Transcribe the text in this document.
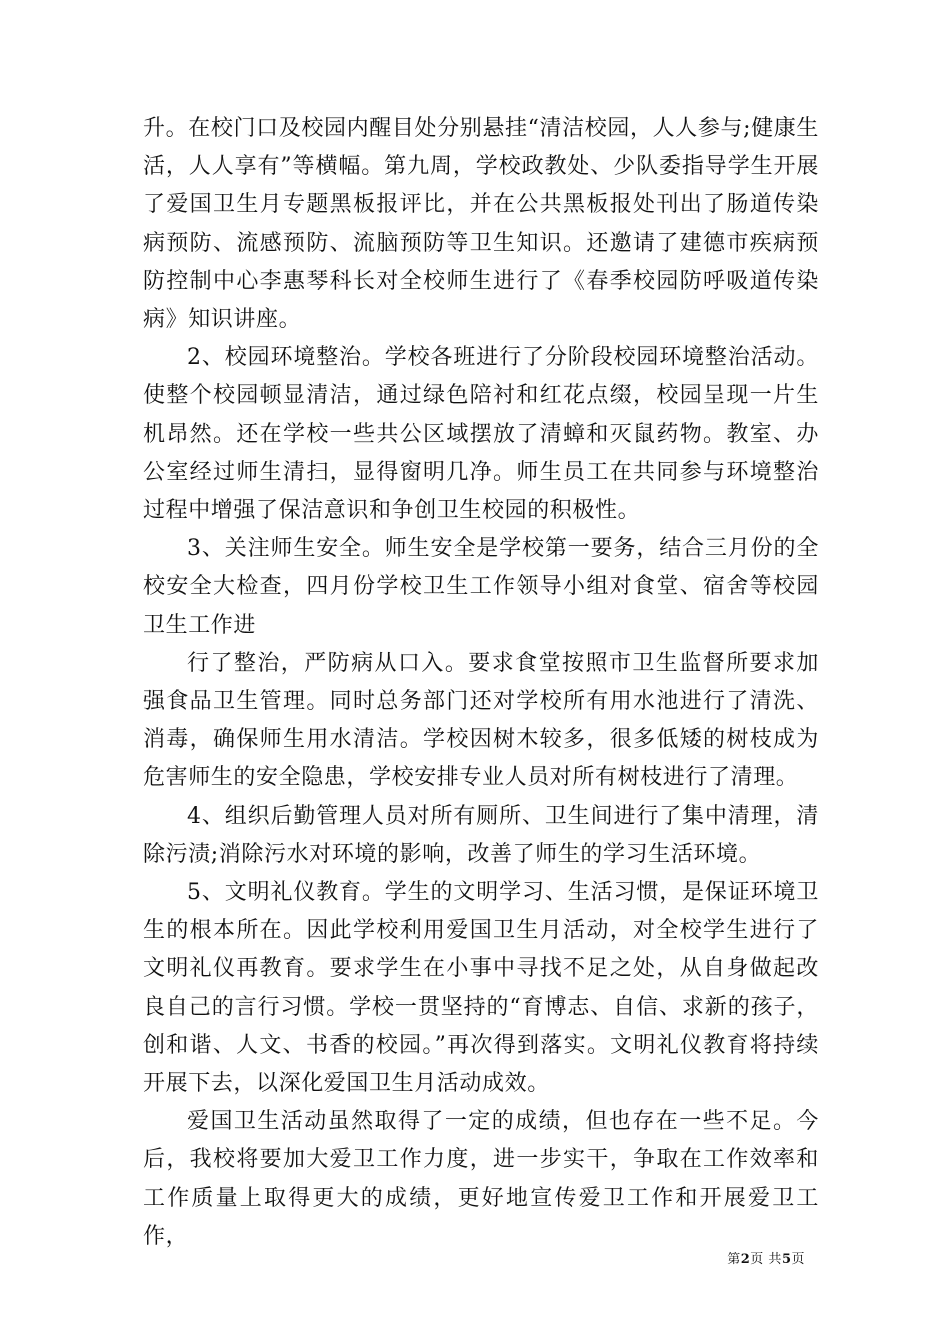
升。在校门口及校园内醒目处分别悬挂“清洁校园，人人参与;健康生活，人人享有”等横幅。第九周，学校政教处、少队委指导学生开展了爱国卫生月专题黑板报评比，并在公共黑板报处刊出了肠道传染病预防、流感预防、流脑预防等卫生知识。还邀请了建德市疾病预防控制中心李惠琴科长对全校师生进行了《春季校园防呼吸道传染病》知识讲座。

2、校园环境整治。学校各班进行了分阶段校园环境整治活动。使整个校园顿显清洁，通过绿色陪衬和红花点缀，校园呈现一片生机昂然。还在学校一些共公区域摆放了清蟑和灭鼠药物。教室、办公室经过师生清扫，显得窗明几净。师生员工在共同参与环境整治过程中增强了保洁意识和争创卫生校园的积极性。

3、关注师生安全。师生安全是学校第一要务，结合三月份的全校安全大检查，四月份学校卫生工作领导小组对食堂、宿舍等校园卫生工作进

行了整治，严防病从口入。要求食堂按照市卫生监督所要求加强食品卫生管理。同时总务部门还对学校所有用水池进行了清洗、消毒，确保师生用水清洁。学校因树木较多，很多低矮的树枝成为危害师生的安全隐患，学校安排专业人员对所有树枝进行了清理。

4、组织后勤管理人员对所有厕所、卫生间进行了集中清理，清除污渍;消除污水对环境的影响，改善了师生的学习生活环境。

5、文明礼仪教育。学生的文明学习、生活习惯，是保证环境卫生的根本所在。因此学校利用爱国卫生月活动，对全校学生进行了文明礼仪再教育。要求学生在小事中寻找不足之处，从自身做起改良自己的言行习惯。学校一贯坚持的“育博志、自信、求新的孩子，创和谐、人文、书香的校园。”再次得到落实。文明礼仪教育将持续开展下去，以深化爱国卫生月活动成效。

爱国卫生活动虽然取得了一定的成绩，但也存在一些不足。今后，我校将要加大爱卫工作力度，进一步实干，争取在工作效率和工作质量上取得更大的成绩，更好地宣传爱卫工作和开展爱卫工作，

第2页 共5页
